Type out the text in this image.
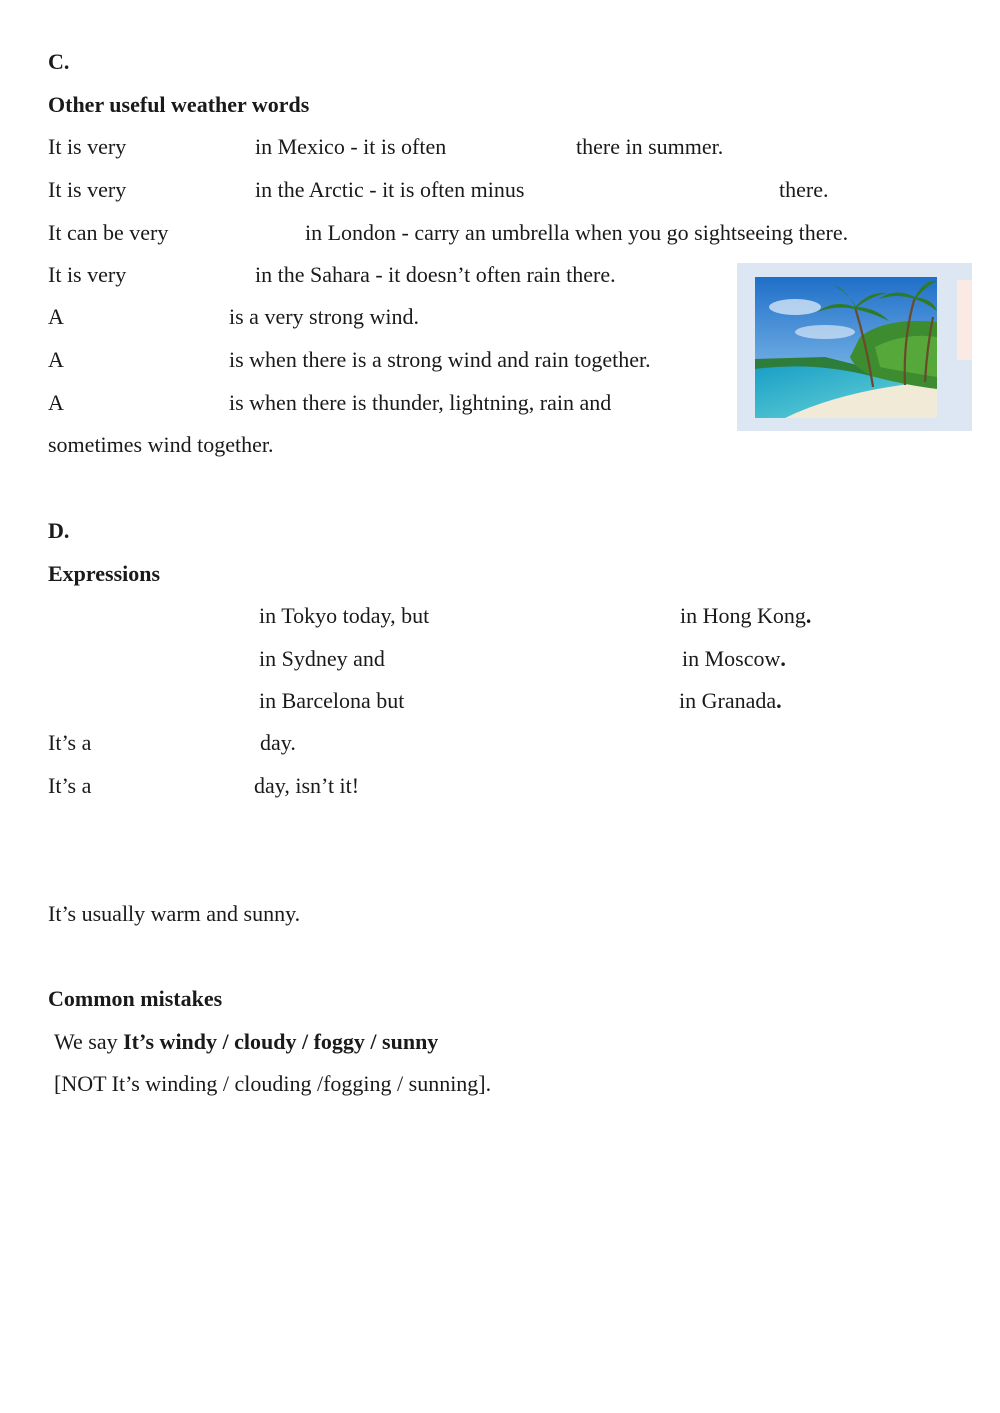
C.
Other useful weather words
It is very	in Mexico - it is often	there in summer.
It is very	in the Arctic - it is often minus	there.
It can be very	in London - carry an umbrella when you go sightseeing there.
It is very	in the Sahara - it doesn’t often rain there.
A	is a very strong wind.
A	is when there is a strong wind and rain together.
A	is when there is thunder, lightning, rain and
sometimes wind together.
D.
Expressions
in Tokyo today, but	in Hong Kong.
in Sydney and	in Moscow.
in Barcelona but	in Granada.
It’s a	day.
It’s a	day, isn’t it!
It’s usually warm and sunny.
Common mistakes
We say It’s windy / cloudy / foggy / sunny
[NOT It’s winding / clouding /fogging / sunning].
